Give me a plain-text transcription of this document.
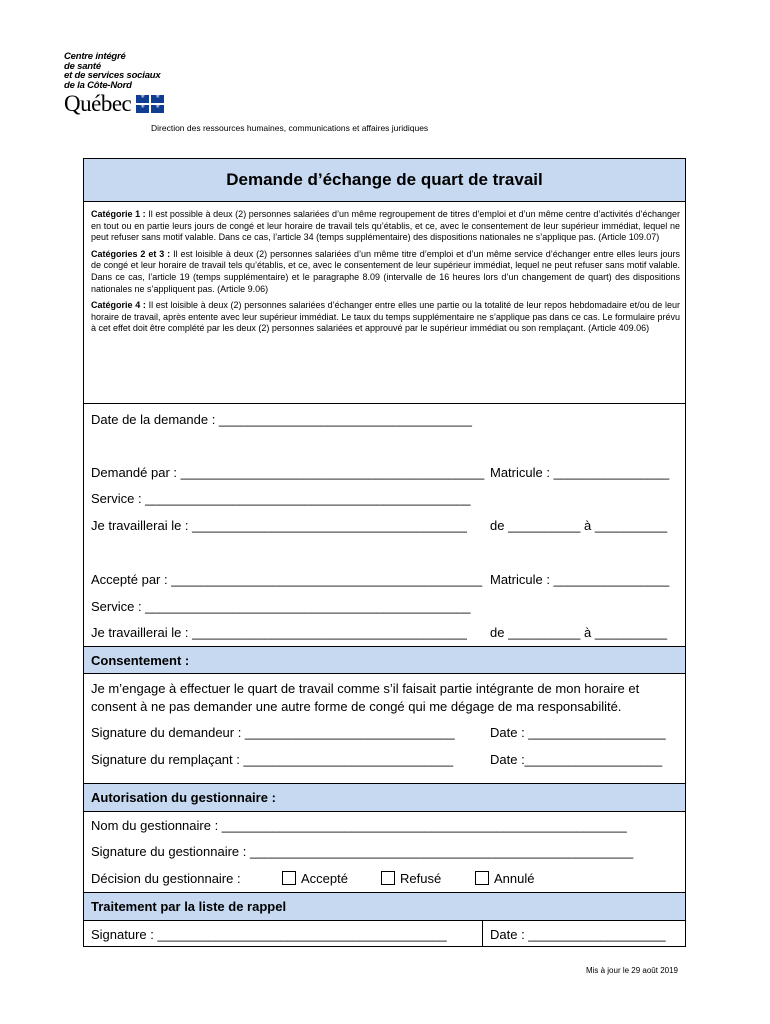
Centre intégré
de santé
et de services sociaux
de la Côte-Nord
Québec
⚜
⚜
⚜
⚜
Direction des ressources humaines, communications et affaires juridiques
Demande d’échange de quart de travail

Catégorie 1 : Il est possible à deux (2) personnes salariées d’un même regroupement de titres d’emploi et d’un même centre d’activités d’échanger en tout ou en partie leurs jours de congé et leur horaire de travail tels qu’établis, et ce, avec le consentement de leur supérieur immédiat, lequel ne peut refuser sans motif valable. Dans ce cas, l’article 34 (temps supplémentaire) des dispositions nationales ne s’applique pas. (Article 109.07)

Catégories 2 et 3 : Il est loisible à deux (2) personnes salariées d’un même titre d’emploi et d’un même service d’échanger entre elles leurs jours de congé et leur horaire de travail tels qu’établis, et ce, avec le consentement de leur supérieur immédiat, lequel ne peut refuser sans motif valable. Dans ce cas, l’article 19 (temps supplémentaire) et le paragraphe 8.09 (intervalle de 16 heures lors d’un changement de quart) des dispositions nationales ne s’appliquent pas. (Article 9.06)

Catégorie 4 : Il est loisible à deux (2) personnes salariées d’échanger entre elles une partie ou la totalité de leur repos hebdomadaire et/ou de leur horaire de travail, après entente avec leur supérieur immédiat. Le taux du temps supplémentaire ne s’applique pas dans ce cas. Le formulaire prévu à cet effet doit être complété par les deux (2) personnes salariées et approuvé par le supérieur immédiat ou son remplaçant. (Article 409.06)

Date de la demande : ___________________________________
Demandé par : __________________________________________ Matricule : ________________
Service : _____________________________________________
Je travaillerai le : ______________________________________ de __________ à __________
Accepté par : ___________________________________________ Matricule : ________________
Service : _____________________________________________
Je travaillerai le : ______________________________________ de __________ à __________
Consentement :
Je m’engage à effectuer le quart de travail comme s’il faisait partie intégrante de mon horaire et consent à ne pas demander une autre forme de congé qui me dégage de ma responsabilité.
Signature du demandeur : _____________________________	Date : ___________________
Signature du remplaçant : _____________________________	Date :___________________
Autorisation du gestionnaire :
Nom du gestionnaire : ________________________________________________________
Signature du gestionnaire : _____________________________________________________
Décision du gestionnaire :	Accepté	Refusé	Annulé
Traitement par la liste de rappel
Signature : ________________________________________	Date : ___________________
Mis à jour le 29 août 2019
